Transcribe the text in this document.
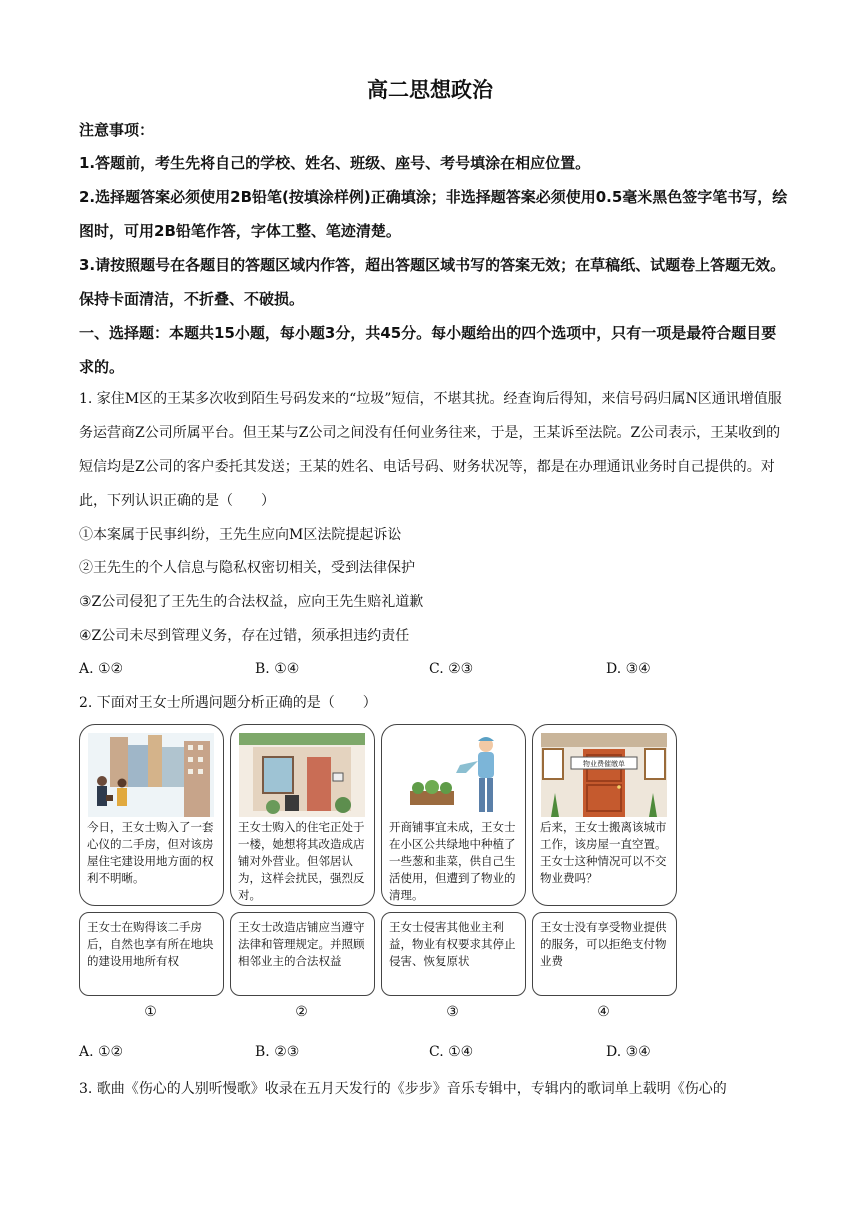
高二思想政治
注意事项：
1.答题前，考生先将自己的学校、姓名、班级、座号、考号填涂在相应位置。
2.选择题答案必须使用2B铅笔(按填涂样例)正确填涂；非选择题答案必须使用0.5毫米黑色签字笔书写，绘图时，可用2B铅笔作答，字体工整、笔迹清楚。
3.请按照题号在各题目的答题区域内作答，超出答题区域书写的答案无效；在草稿纸、试题卷上答题无效。保持卡面清洁，不折叠、不破损。
一、选择题：本题共15小题，每小题3分，共45分。每小题给出的四个选项中，只有一项是最符合题目要求的。
1. 家住M区的王某多次收到陌生号码发来的“垃圾”短信，不堪其扰。经查询后得知，来信号码归属N区通讯增值服务运营商Z公司所属平台。但王某与Z公司之间没有任何业务往来，于是，王某诉至法院。Z公司表示，王某收到的短信均是Z公司的客户委托其发送；王某的姓名、电话号码、财务状况等，都是在办理通讯业务时自己提供的。对此，下列认识正确的是（　　）
①本案属于民事纠纷，王先生应向M区法院提起诉讼
②王先生的个人信息与隐私权密切相关，受到法律保护
③Z公司侵犯了王先生的合法权益，应向王先生赔礼道歉
④Z公司未尽到管理义务，存在过错，须承担违约责任
A. ①②	B. ①④	C. ②③	D. ③④
2. 下面对王女士所遇问题分析正确的是（　　）
今日，王女士购入了一套心仪的二手房，但对该房屋住宅建设用地方面的权利不明晰。
王女士购入的住宅正处于一楼，她想将其改造成店铺对外营业。但邻居认为，这样会扰民，强烈反对。
开商铺事宜未成，王女士在小区公共绿地中种植了一些葱和韭菜，供自己生活使用，但遭到了物业的清理。
物业费催缴单
后来，王女士搬离该城市工作，该房屋一直空置。王女士这种情况可以不交物业费吗？
王女士在购得该二手房后，自然也享有所在地块的建设用地所有权
王女士改造店铺应当遵守法律和管理规定。并照顾相邻业主的合法权益
王女士侵害其他业主利益，物业有权要求其停止侵害、恢复原状
王女士没有享受物业提供的服务，可以拒绝支付物业费
①	②	③	④
A. ①②	B. ②③	C. ①④	D. ③④
3. 歌曲《伤心的人别听慢歌》收录在五月天发行的《步步》音乐专辑中，专辑内的歌词单上载明《伤心的
